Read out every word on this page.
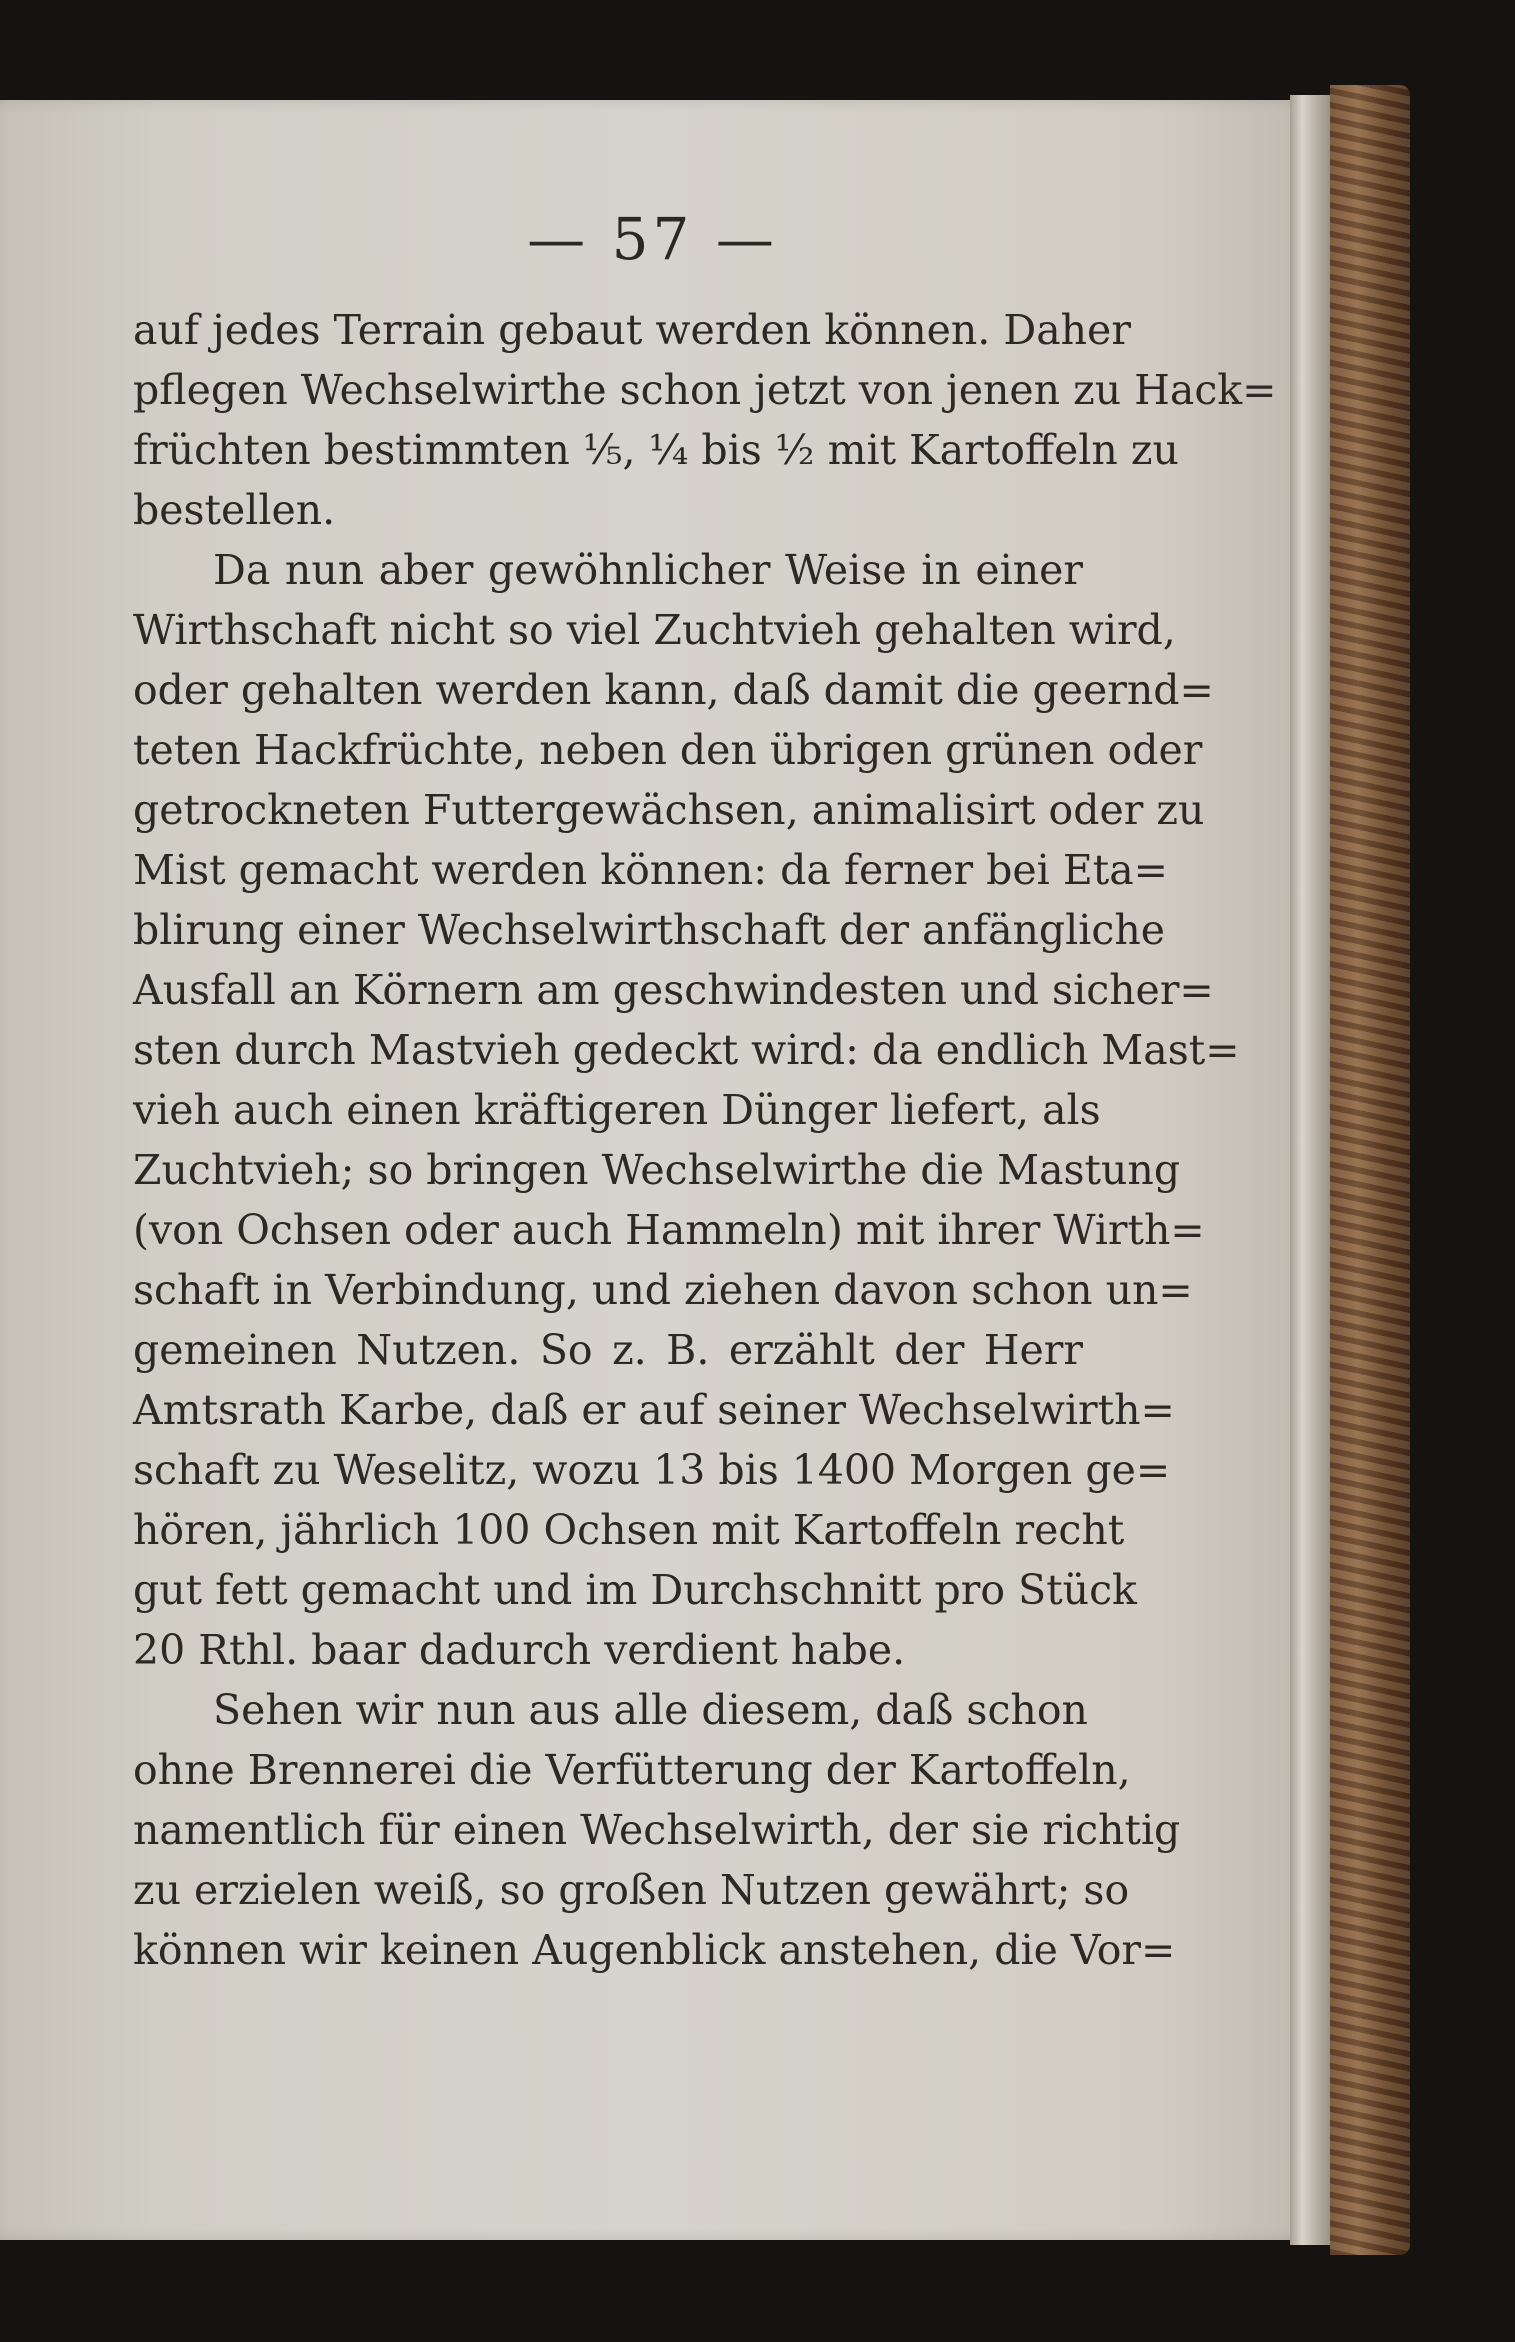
— 57 —
auf jedes Terrain gebaut werden können. Daher
pflegen Wechselwirthe schon jetzt von jenen zu Hack=
früchten bestimmten ⅕, ¼ bis ½ mit Kartoffeln zu
bestellen.
Da nun aber gewöhnlicher Weise in einer
Wirthschaft nicht so viel Zuchtvieh gehalten wird,
oder gehalten werden kann, daß damit die geernd=
teten Hackfrüchte, neben den übrigen grünen oder
getrockneten Futtergewächsen, animalisirt oder zu
Mist gemacht werden können: da ferner bei Eta=
blirung einer Wechselwirthschaft der anfängliche
Ausfall an Körnern am geschwindesten und sicher=
sten durch Mastvieh gedeckt wird: da endlich Mast=
vieh auch einen kräftigeren Dünger liefert, als
Zuchtvieh; so bringen Wechselwirthe die Mastung
(von Ochsen oder auch Hammeln) mit ihrer Wirth=
schaft in Verbindung, und ziehen davon schon un=
gemeinen Nutzen. So z. B. erzählt der Herr
Amtsrath Karbe, daß er auf seiner Wechselwirth=
schaft zu Weselitz, wozu 13 bis 1400 Morgen ge=
hören, jährlich 100 Ochsen mit Kartoffeln recht
gut fett gemacht und im Durchschnitt pro Stück
20 Rthl. baar dadurch verdient habe.
Sehen wir nun aus alle diesem, daß schon
ohne Brennerei die Verfütterung der Kartoffeln,
namentlich für einen Wechselwirth, der sie richtig
zu erzielen weiß, so großen Nutzen gewährt; so
können wir keinen Augenblick anstehen, die Vor=
